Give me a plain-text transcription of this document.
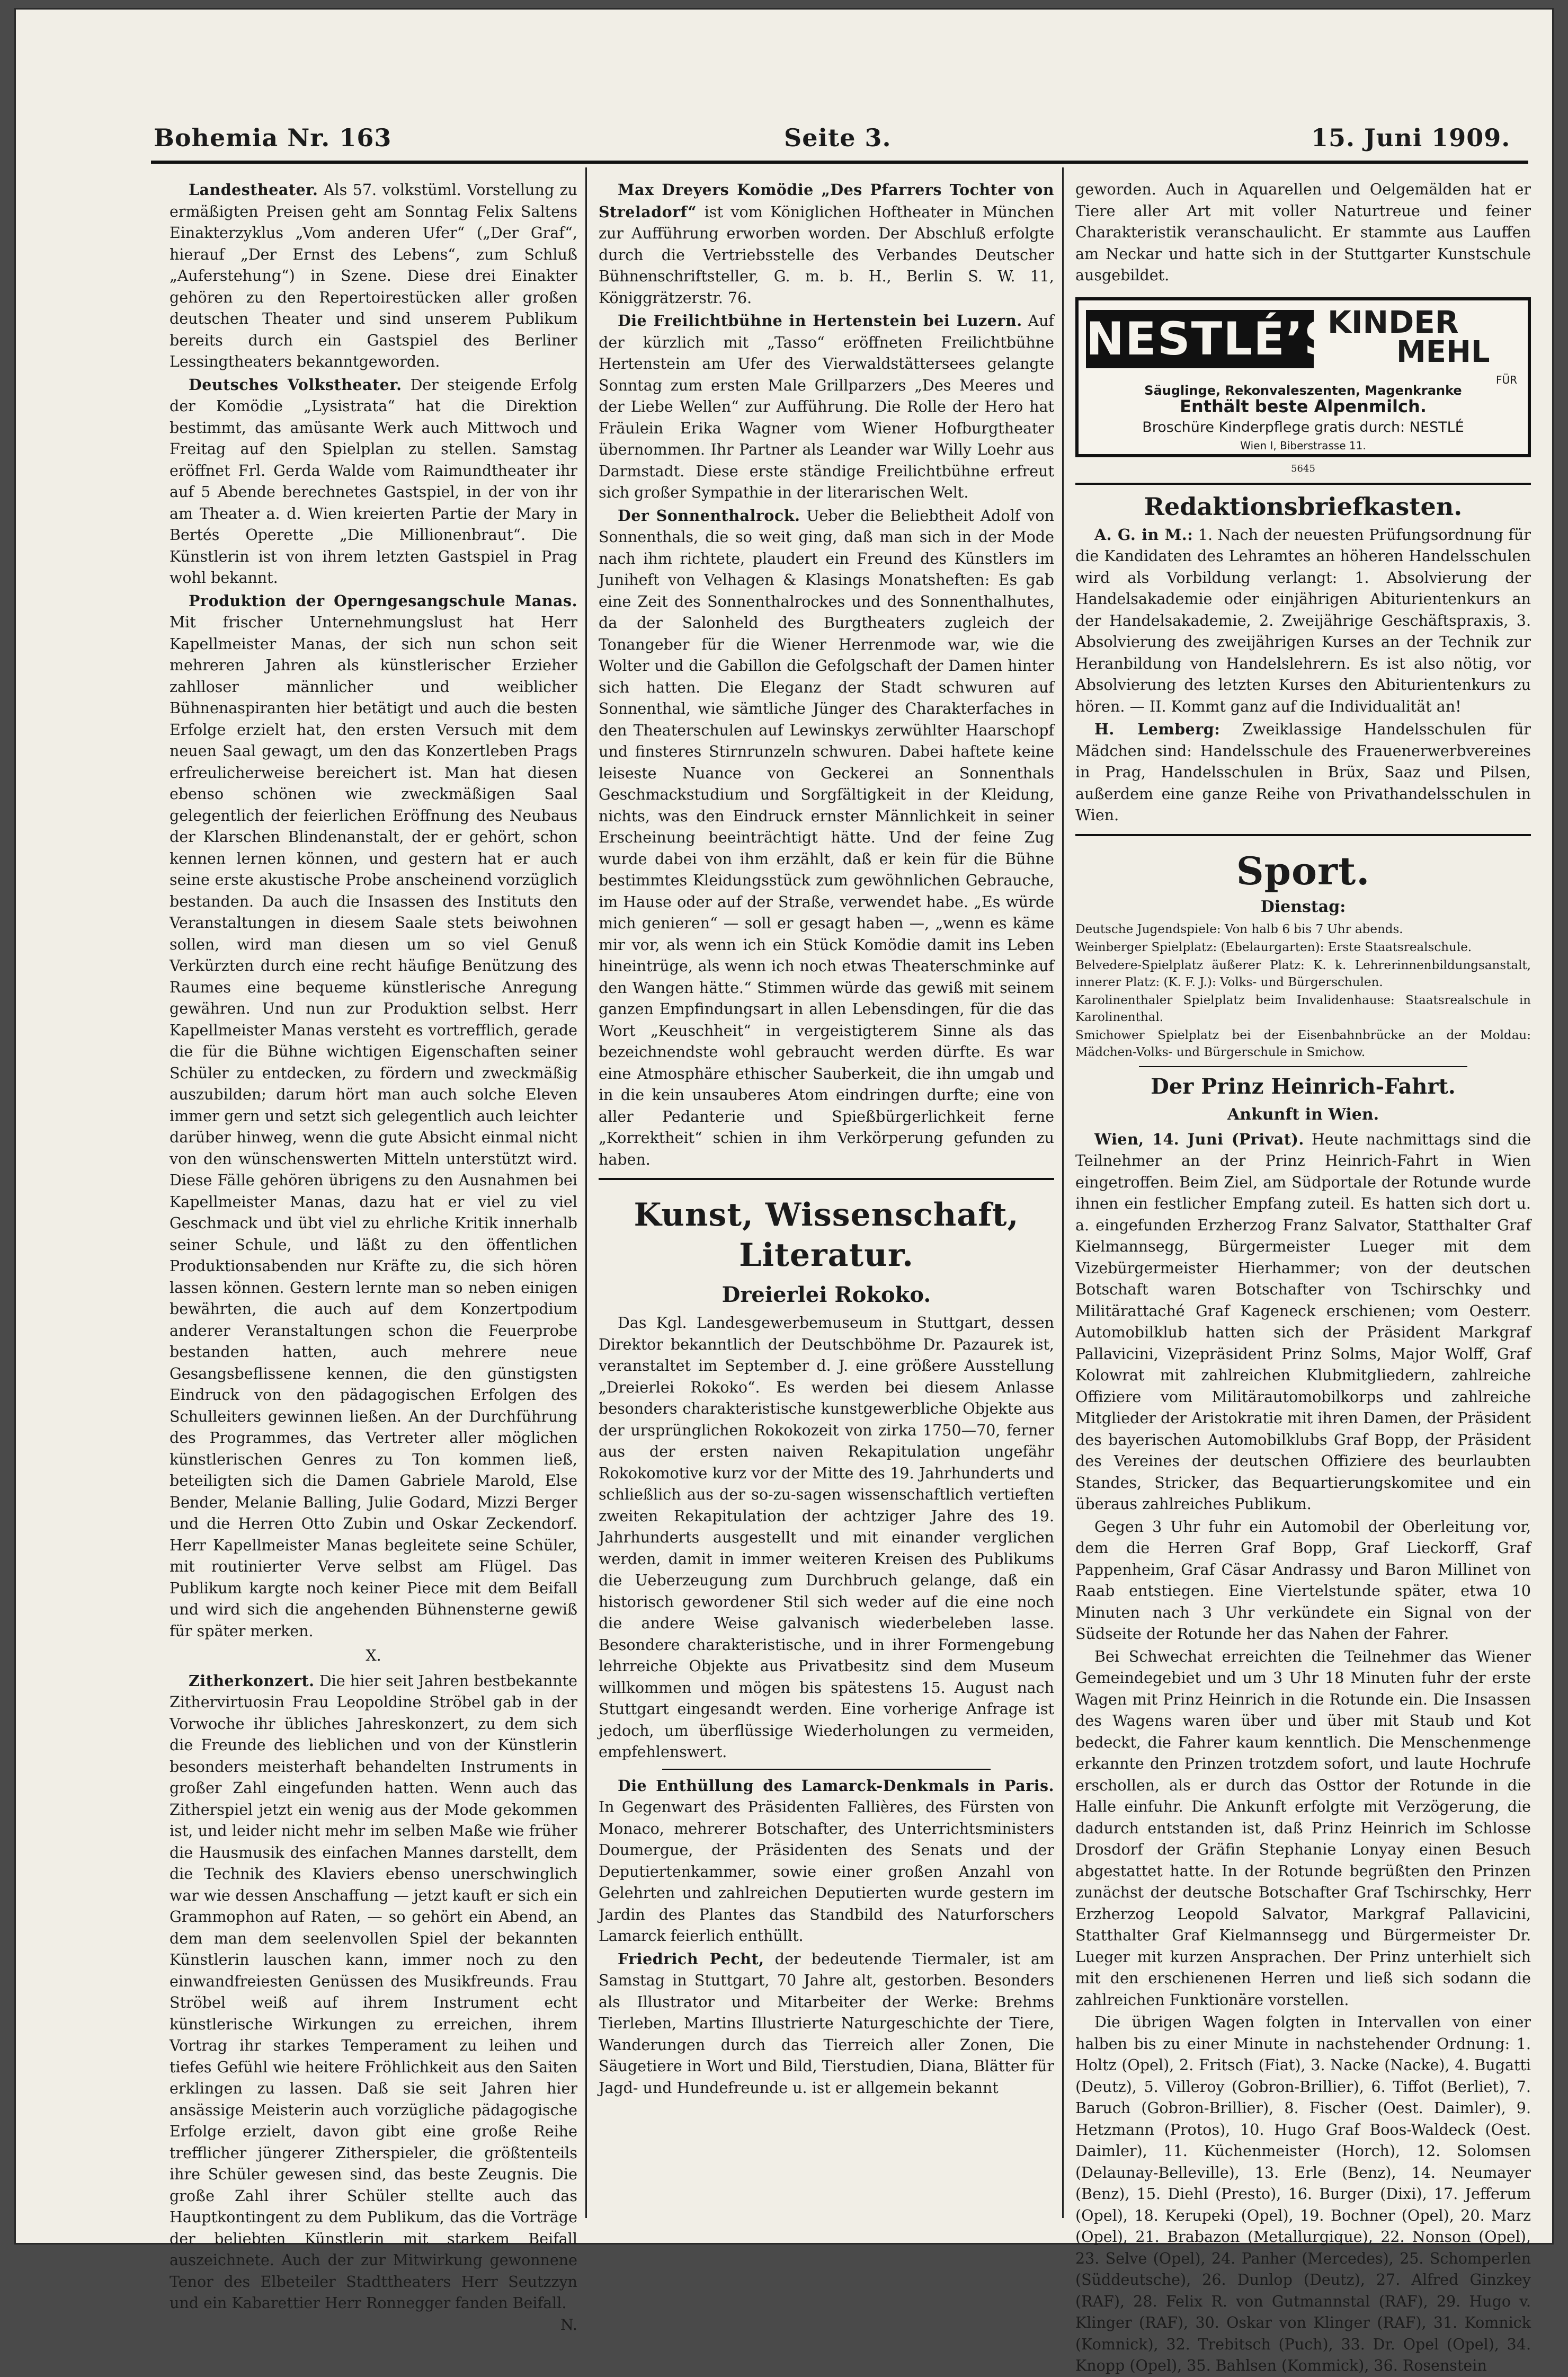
Bohemia Nr. 163	Seite 3.	15. Juni 1909.

Landestheater. Als 57. volkstüml. Vorstellung zu ermäßigten Preisen geht am Sonntag Felix Saltens Einakterzyklus „Vom anderen Ufer“ („Der Graf“, hierauf „Der Ernst des Lebens“, zum Schluß „Auferstehung“) in Szene. Diese drei Einakter gehören zu den Repertoirestücken aller großen deutschen Theater und sind unserem Publikum bereits durch ein Gastspiel des Berliner Lessingtheaters bekanntgeworden.

Deutsches Volkstheater. Der steigende Erfolg der Komödie „Lysistrata“ hat die Direktion bestimmt, das amüsante Werk auch Mittwoch und Freitag auf den Spielplan zu stellen. Samstag eröffnet Frl. Gerda Walde vom Raimundtheater ihr auf 5 Abende berechnetes Gastspiel, in der von ihr am Theater a. d. Wien kreierten Partie der Mary in Bertés Operette „Die Millionenbraut“. Die Künstlerin ist von ihrem letzten Gastspiel in Prag wohl bekannt.

Produktion der Operngesangschule Manas. Mit frischer Unternehmungslust hat Herr Kapellmeister Manas, der sich nun schon seit mehreren Jahren als künstlerischer Erzieher zahlloser männlicher und weiblicher Bühnenaspiranten hier betätigt und auch die besten Erfolge erzielt hat, den ersten Versuch mit dem neuen Saal gewagt, um den das Konzertleben Prags erfreulicherweise bereichert ist. Man hat diesen ebenso schönen wie zweckmäßigen Saal gelegentlich der feierlichen Eröffnung des Neubaus der Klarschen Blindenanstalt, der er gehört, schon kennen lernen können, und gestern hat er auch seine erste akustische Probe anscheinend vorzüglich bestanden. Da auch die Insassen des Instituts den Veranstaltungen in diesem Saale stets beiwohnen sollen, wird man diesen um so viel Genuß Verkürzten durch eine recht häufige Benützung des Raumes eine bequeme künstlerische Anregung gewähren. Und nun zur Produktion selbst. Herr Kapellmeister Manas versteht es vortrefflich, gerade die für die Bühne wichtigen Eigenschaften seiner Schüler zu entdecken, zu fördern und zweckmäßig auszubilden; darum hört man auch solche Eleven immer gern und setzt sich gelegentlich auch leichter darüber hinweg, wenn die gute Absicht einmal nicht von den wünschenswerten Mitteln unterstützt wird. Diese Fälle gehören übrigens zu den Ausnahmen bei Kapellmeister Manas, dazu hat er viel zu viel Geschmack und übt viel zu ehrliche Kritik innerhalb seiner Schule, und läßt zu den öffentlichen Produktionsabenden nur Kräfte zu, die sich hören lassen können. Gestern lernte man so neben einigen bewährten, die auch auf dem Konzertpodium anderer Veranstaltungen schon die Feuerprobe bestanden hatten, auch mehrere neue Gesangsbeflissene kennen, die den günstigsten Eindruck von den pädagogischen Erfolgen des Schulleiters gewinnen ließen. An der Durchführung des Programmes, das Vertreter aller möglichen künstlerischen Genres zu Ton kommen ließ, beteiligten sich die Damen Gabriele Marold, Else Bender, Melanie Balling, Julie Godard, Mizzi Berger und die Herren Otto Zubin und Oskar Zeckendorf. Herr Kapellmeister Manas begleitete seine Schüler, mit routinierter Verve selbst am Flügel. Das Publikum kargte noch keiner Piece mit dem Beifall und wird sich die angehenden Bühnensterne gewiß für später merken.

X.

Zitherkonzert. Die hier seit Jahren bestbekannte Zithervirtuosin Frau Leopoldine Ströbel gab in der Vorwoche ihr übliches Jahreskonzert, zu dem sich die Freunde des lieblichen und von der Künstlerin besonders meisterhaft behandelten Instruments in großer Zahl eingefunden hatten. Wenn auch das Zitherspiel jetzt ein wenig aus der Mode gekommen ist, und leider nicht mehr im selben Maße wie früher die Hausmusik des einfachen Mannes darstellt, dem die Technik des Klaviers ebenso unerschwinglich war wie dessen Anschaffung — jetzt kauft er sich ein Grammophon auf Raten, — so gehört ein Abend, an dem man dem seelenvollen Spiel der bekannten Künstlerin lauschen kann, immer noch zu den einwandfreiesten Genüssen des Musikfreunds. Frau Ströbel weiß auf ihrem Instrument echt künstlerische Wirkungen zu erreichen, ihrem Vortrag ihr starkes Temperament zu leihen und tiefes Gefühl wie heitere Fröhlichkeit aus den Saiten erklingen zu lassen. Daß sie seit Jahren hier ansässige Meisterin auch vorzügliche pädagogische Erfolge erzielt, davon gibt eine große Reihe trefflicher jüngerer Zitherspieler, die größtenteils ihre Schüler gewesen sind, das beste Zeugnis. Die große Zahl ihrer Schüler stellte auch das Hauptkontingent zu dem Publikum, das die Vorträge der beliebten Künstlerin mit starkem Beifall auszeichnete. Auch der zur Mitwirkung gewonnene Tenor des Elbeteiler Stadttheaters Herr Seutzzyn und ein Kabarettier Herr Ronnegger fanden Beifall.

N.

Max Dreyers Komödie „Des Pfarrers Tochter von Streladorf“ ist vom Königlichen Hoftheater in München zur Aufführung erworben worden. Der Abschluß erfolgte durch die Vertriebsstelle des Verbandes Deutscher Bühnenschriftsteller, G. m. b. H., Berlin S. W. 11, Königgrätzerstr. 76.

Die Freilichtbühne in Hertenstein bei Luzern. Auf der kürzlich mit „Tasso“ eröffneten Freilichtbühne Hertenstein am Ufer des Vierwaldstättersees gelangte Sonntag zum ersten Male Grillparzers „Des Meeres und der Liebe Wellen“ zur Aufführung. Die Rolle der Hero hat Fräulein Erika Wagner vom Wiener Hofburgtheater übernommen. Ihr Partner als Leander war Willy Loehr aus Darmstadt. Diese erste ständige Freilichtbühne erfreut sich großer Sympathie in der literarischen Welt.

Der Sonnenthalrock. Ueber die Beliebtheit Adolf von Sonnenthals, die so weit ging, daß man sich in der Mode nach ihm richtete, plaudert ein Freund des Künstlers im Juniheft von Velhagen & Klasings Monatsheften: Es gab eine Zeit des Sonnenthalrockes und des Sonnenthalhutes, da der Salonheld des Burgtheaters zugleich der Tonangeber für die Wiener Herrenmode war, wie die Wolter und die Gabillon die Gefolgschaft der Damen hinter sich hatten. Die Eleganz der Stadt schwuren auf Sonnenthal, wie sämtliche Jünger des Charakterfaches in den Theaterschulen auf Lewinskys zerwühlter Haarschopf und finsteres Stirnrunzeln schwuren. Dabei haftete keine leiseste Nuance von Geckerei an Sonnenthals Geschmackstudium und Sorgfältigkeit in der Kleidung, nichts, was den Eindruck ernster Männlichkeit in seiner Erscheinung beeinträchtigt hätte. Und der feine Zug wurde dabei von ihm erzählt, daß er kein für die Bühne bestimmtes Kleidungsstück zum gewöhnlichen Gebrauche, im Hause oder auf der Straße, verwendet habe. „Es würde mich genieren“ — soll er gesagt haben —, „wenn es käme mir vor, als wenn ich ein Stück Komödie damit ins Leben hineintrüge, als wenn ich noch etwas Theaterschminke auf den Wangen hätte.“ Stimmen würde das gewiß mit seinem ganzen Empfindungsart in allen Lebensdingen, für die das Wort „Keuschheit“ in vergeistigterem Sinne als das bezeichnendste wohl gebraucht werden dürfte. Es war eine Atmosphäre ethischer Sauberkeit, die ihn umgab und in die kein unsauberes Atom eindringen durfte; eine von aller Pedanterie und Spießbürgerlichkeit ferne „Korrektheit“ schien in ihm Verkörperung gefunden zu haben.

Kunst, Wissenschaft, Literatur.
Dreierlei Rokoko.

Das Kgl. Landesgewerbemuseum in Stuttgart, dessen Direktor bekanntlich der Deutschböhme Dr. Pazaurek ist, veranstaltet im September d. J. eine größere Ausstellung „Dreierlei Rokoko“. Es werden bei diesem Anlasse besonders charakteristische kunstgewerbliche Objekte aus der ursprünglichen Rokokozeit von zirka 1750—70, ferner aus der ersten naiven Rekapitulation ungefähr Rokokomotive kurz vor der Mitte des 19. Jahrhunderts und schließlich aus der so-zu-sagen wissenschaftlich vertieften zweiten Rekapitulation der achtziger Jahre des 19. Jahrhunderts ausgestellt und mit einander verglichen werden, damit in immer weiteren Kreisen des Publikums die Ueberzeugung zum Durchbruch gelange, daß ein historisch gewordener Stil sich weder auf die eine noch die andere Weise galvanisch wiederbeleben lasse. Besondere charakteristische, und in ihrer Formengebung lehrreiche Objekte aus Privatbesitz sind dem Museum willkommen und mögen bis spätestens 15. August nach Stuttgart eingesandt werden. Eine vorherige Anfrage ist jedoch, um überflüssige Wiederholungen zu vermeiden, empfehlenswert.

Die Enthüllung des Lamarck-Denkmals in Paris. In Gegenwart des Präsidenten Fallières, des Fürsten von Monaco, mehrerer Botschafter, des Unterrichtsministers Doumergue, der Präsidenten des Senats und der Deputiertenkammer, sowie einer großen Anzahl von Gelehrten und zahlreichen Deputierten wurde gestern im Jardin des Plantes das Standbild des Naturforschers Lamarck feierlich enthüllt.

Friedrich Pecht, der bedeutende Tiermaler, ist am Samstag in Stuttgart, 70 Jahre alt, gestorben. Besonders als Illustrator und Mitarbeiter der Werke: Brehms Tierleben, Martins Illustrierte Naturgeschichte der Tiere, Wanderungen durch das Tierreich aller Zonen, Die Säugetiere in Wort und Bild, Tierstudien, Diana, Blätter für Jagd- und Hundefreunde u. ist er allgemein bekannt

geworden. Auch in Aquarellen und Oelgemälden hat er Tiere aller Art mit voller Naturtreue und feiner Charakteristik veranschaulicht. Er stammte aus Lauffen am Neckar und hatte sich in der Stuttgarter Kunstschule ausgebildet.

NESTLÉ’S
KINDER
MEHL
FÜR
Säuglinge, Rekonvaleszenten, Magenkranke
Enthält beste Alpenmilch.
Broschüre Kinderpflege gratis durch: NESTLÉ
Wien I, Biberstrasse 11.
5645
Redaktionsbriefkasten.

A. G. in M.: 1. Nach der neuesten Prüfungsordnung für die Kandidaten des Lehramtes an höheren Handelsschulen wird als Vorbildung verlangt: 1. Absolvierung der Handelsakademie oder einjährigen Abiturientenkurs an der Handelsakademie, 2. Zweijährige Geschäftspraxis, 3. Absolvierung des zweijährigen Kurses an der Technik zur Heranbildung von Handelslehrern. Es ist also nötig, vor Absolvierung des letzten Kurses den Abiturientenkurs zu hören. — II. Kommt ganz auf die Individualität an!

H. Lemberg: Zweiklassige Handelsschulen für Mädchen sind: Handelsschule des Frauenerwerbvereines in Prag, Handelsschulen in Brüx, Saaz und Pilsen, außerdem eine ganze Reihe von Privathandelsschulen in Wien.

Sport.
Dienstag:

Deutsche Jugendspiele: Von halb 6 bis 7 Uhr abends.

Weinberger Spielplatz: (Ebelaurgarten): Erste Staatsrealschule.

Belvedere-Spielplatz äußerer Platz: K. k. Lehrerinnenbildungsanstalt, innerer Platz: (K. F. J.): Volks- und Bürgerschulen.

Karolinenthaler Spielplatz beim Invalidenhause: Staatsrealschule in Karolinenthal.

Smichower Spielplatz bei der Eisenbahnbrücke an der Moldau: Mädchen-Volks- und Bürgerschule in Smichow.

Der Prinz Heinrich-Fahrt.
Ankunft in Wien.

Wien, 14. Juni (Privat). Heute nachmittags sind die Teilnehmer an der Prinz Heinrich-Fahrt in Wien eingetroffen. Beim Ziel, am Südportale der Rotunde wurde ihnen ein festlicher Empfang zuteil. Es hatten sich dort u. a. eingefunden Erzherzog Franz Salvator, Statthalter Graf Kielmannsegg, Bürgermeister Lueger mit dem Vizebürgermeister Hierhammer; von der deutschen Botschaft waren Botschafter von Tschirschky und Militärattaché Graf Kageneck erschienen; vom Oesterr. Automobilklub hatten sich der Präsident Markgraf Pallavicini, Vizepräsident Prinz Solms, Major Wolff, Graf Kolowrat mit zahlreichen Klubmitgliedern, zahlreiche Offiziere vom Militärautomobilkorps und zahlreiche Mitglieder der Aristokratie mit ihren Damen, der Präsident des bayerischen Automobilklubs Graf Bopp, der Präsident des Vereines der deutschen Offiziere des beurlaubten Standes, Stricker, das Bequartierungskomitee und ein überaus zahlreiches Publikum.

Gegen 3 Uhr fuhr ein Automobil der Oberleitung vor, dem die Herren Graf Bopp, Graf Lieckorff, Graf Pappenheim, Graf Cäsar Andrassy und Baron Millinet von Raab entstiegen. Eine Viertelstunde später, etwa 10 Minuten nach 3 Uhr verkündete ein Signal von der Südseite der Rotunde her das Nahen der Fahrer.

Bei Schwechat erreichten die Teilnehmer das Wiener Gemeindegebiet und um 3 Uhr 18 Minuten fuhr der erste Wagen mit Prinz Heinrich in die Rotunde ein. Die Insassen des Wagens waren über und über mit Staub und Kot bedeckt, die Fahrer kaum kenntlich. Die Menschenmenge erkannte den Prinzen trotzdem sofort, und laute Hochrufe erschollen, als er durch das Osttor der Rotunde in die Halle einfuhr. Die Ankunft erfolgte mit Verzögerung, die dadurch entstanden ist, daß Prinz Heinrich im Schlosse Drosdorf der Gräfin Stephanie Lonyay einen Besuch abgestattet hatte. In der Rotunde begrüßten den Prinzen zunächst der deutsche Botschafter Graf Tschirschky, Herr Erzherzog Leopold Salvator, Markgraf Pallavicini, Statthalter Graf Kielmannsegg und Bürgermeister Dr. Lueger mit kurzen Ansprachen. Der Prinz unterhielt sich mit den erschienenen Herren und ließ sich sodann die zahlreichen Funktionäre vorstellen.

Die übrigen Wagen folgten in Intervallen von einer halben bis zu einer Minute in nachstehender Ordnung: 1. Holtz (Opel), 2. Fritsch (Fiat), 3. Nacke (Nacke), 4. Bugatti (Deutz), 5. Villeroy (Gobron-Brillier), 6. Tiffot (Berliet), 7. Baruch (Gobron-Brillier), 8. Fischer (Oest. Daimler), 9. Hetzmann (Protos), 10. Hugo Graf Boos-Waldeck (Oest. Daimler), 11. Küchenmeister (Horch), 12. Solomsen (Delaunay-Belleville), 13. Erle (Benz), 14. Neumayer (Benz), 15. Diehl (Presto), 16. Burger (Dixi), 17. Jefferum (Opel), 18. Kerupeki (Opel), 19. Bochner (Opel), 20. Marz (Opel), 21. Brabazon (Metallurgique), 22. Nonson (Opel), 23. Selve (Opel), 24. Panher (Mercedes), 25. Schomperlen (Süddeutsche), 26. Dunlop (Deutz), 27. Alfred Ginzkey (RAF), 28. Felix R. von Gutmannstal (RAF), 29. Hugo v. Klinger (RAF), 30. Oskar von Klinger (RAF), 31. Komnick (Komnick), 32. Trebitsch (Puch), 33. Dr. Opel (Opel), 34. Knopp (Opel), 35. Bahlsen (Kommick), 36. Rosenstein
